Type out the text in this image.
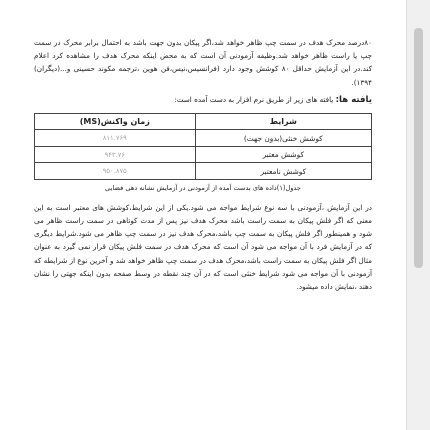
۸۰درصد محرک هدف در سمت چپ ظاهر خواهد شد،اگر پیکان بدون جهت باشد به احتمال برابر محرک در سمت چپ یا راست ظاهر خواهد شد.وظیفه آزمودنی آن است که به محض اینکه محرک هدف را مشاهده کرد اعلام کند.در این آزمایش حداقل ۸۰ کوشش وجود دارد (فرانسیس،نیس،فن هوین ،ترجمه مکوند حسینی و...(دیگران) ۱۳۹۴).

یافته ها: یافته های زیر از طریق نرم افزار به دست آمده است:

شرایط	زمان واکنش(MS)
کوشش خنثی(بدون جهت)	۸۱۱.۷۶۹
کوشش معتبر	۹۴۳.۷۶
کوشش نامعتبر	۹۵۰.۸۷۵

جدول(۱)داده های بدست آمده از آزمودنی در آزمایش نشانه دهی فضایی

در این آزمایش ،آزمودنی با سه نوع شرایط مواجه می شود.یکی از این شرایط،کوشش های معتبر است به این معنی که اگر فلش پیکان به سمت راست باشد محرک هدف نیز پس از مدت کوتاهی در سمت راست ظاهر می شود و همینطور اگر فلش پیکان به سمت چپ باشد،محرک هدف نیز در سمت چپ ظاهر می شود.شرایط دیگری که در آزمایش فرد با آن مواجه می شود آن است که محرک هدف در سمت فلش پیکان قرار نمی گیرد به عنوان مثال اگر فلش پیکان به سمت راست باشد،محرک هدف در سمت چپ ظاهر خواهد شد و آخرین نوع از شرایطه که آزمودنی با آن مواجه می شود شرایط خنثی است که در آن چند نقطه در وسط صفحه بدون اینکه جهتی را نشان دهند ،نمایش داده میشود.
